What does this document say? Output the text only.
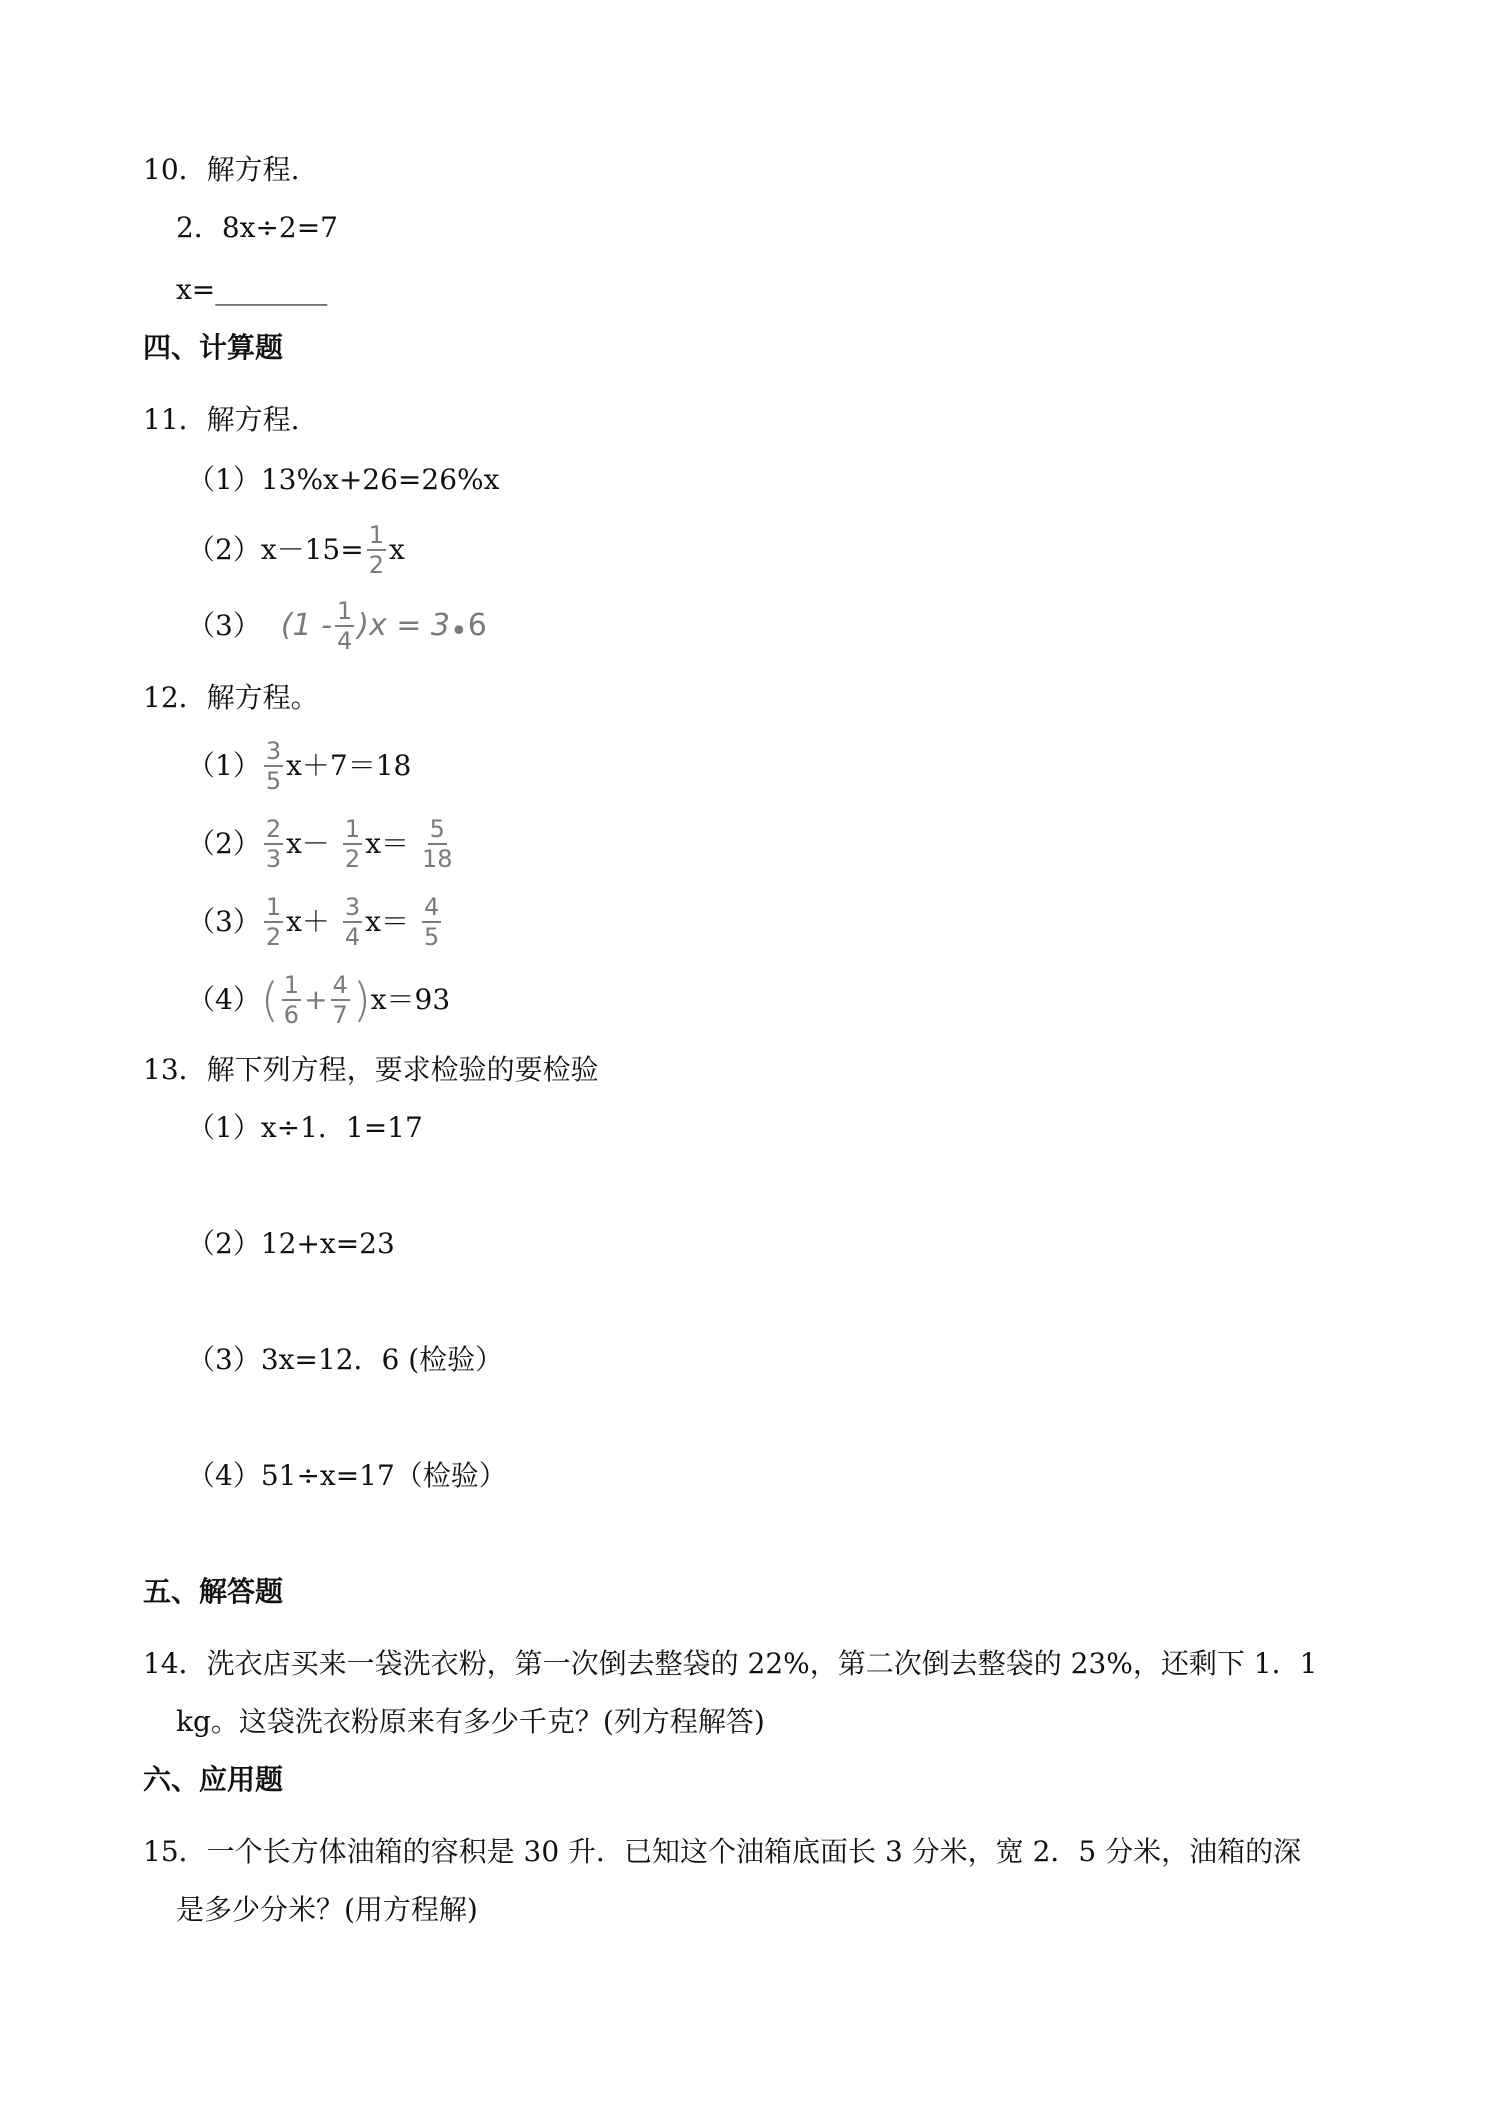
10．解方程.
2．8x÷2=7
x=________
四、计算题
11．解方程.
（1）13%x+26=26%x
（2） $x-15= \frac{1}{2}$ x
（3） $(1 - \frac{1}{4} )x = 3$ • 6
12．解方程。
$(1) \frac{3}{5} x+7=18$
$(2) \frac{2}{3} x- \frac{1}{2} x= \frac{5}{18}$
$(3) \frac{1}{2} x+ \frac{3}{4} x= \frac{4}{5}$
（4） ( $\frac{1}{6} + \frac{4}{7}$ ) x＝93
13．解下列方程，要求检验的要检验
（1）x÷1．1=17
（2）12+x=23
（3）3x=12．6 (检验）
（4）51÷x=17（检验）
五、解答题
14．洗衣店买来一袋洗衣粉，第一次倒去整袋的 22%，第二次倒去整袋的 23%，还剩下 1．1
kg。这袋洗衣粉原来有多少千克？(列方程解答)
六、应用题
15．一个长方体油箱的容积是 30 升．已知这个油箱底面长 3 分米，宽 2．5 分米，油箱的深
是多少分米？(用方程解)
